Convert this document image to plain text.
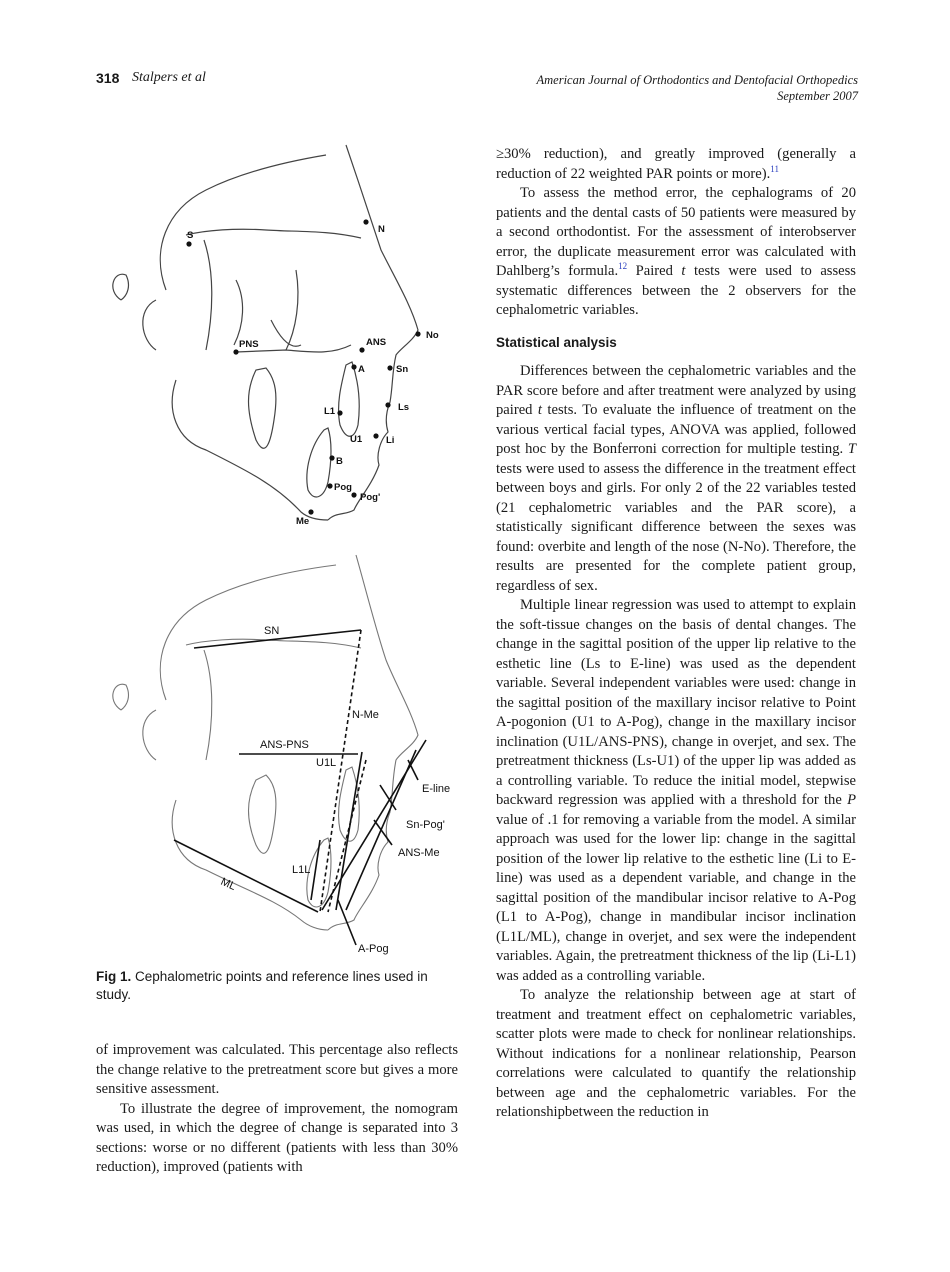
318 Stalpers et al	American Journal of Orthodontics and Dentofacial Orthopedics
September 2007
S
N
No
PNS	ANS
A	Sn
Ls
L1
U1	Li
B
Pog
Pog'
Me
SN
N-Me
ANS-PNS
U1L
E-line
Sn-Pog'
ANS-Me
L1L
ML
A-Pog
Fig 1. Cephalometric points and reference lines used in study.

of improvement was calculated. This percentage also reflects the change relative to the pretreatment score but gives a more sensitive assessment.

To illustrate the degree of improvement, the nomogram was used, in which the degree of change is separated into 3 sections: worse or no different (patients with less than 30% reduction), improved (patients with

≥30% reduction), and greatly improved (generally a reduction of 22 weighted PAR points or more).$^{11}$

To assess the method error, the cephalograms of 20 patients and the dental casts of 50 patients were measured by a second orthodontist. For the assessment of interobserver error, the duplicate measurement error was calculated with Dahlberg’s formula.$^{12}$ Paired t tests were used to assess systematic differences between the 2 observers for the cephalometric variables.

Statistical analysis

Differences between the cephalometric variables and the PAR score before and after treatment were analyzed by using paired t tests. To evaluate the influence of treatment on the various vertical facial types, ANOVA was applied, followed post hoc by the Bonferroni correction for multiple testing. T tests were used to assess the difference in the treatment effect between boys and girls. For only 2 of the 22 variables tested (21 cephalometric variables and the PAR score), a statistically significant difference between the sexes was found: overbite and length of the nose (N-No). Therefore, the results are presented for the complete patient group, regardless of sex.

Multiple linear regression was used to attempt to explain the soft-tissue changes on the basis of dental changes. The change in the sagittal position of the upper lip relative to the esthetic line (Ls to E-line) was used as the dependent variable. Several independent variables were used: change in the sagittal position of the maxillary incisor relative to Point A-pogonion (U1 to A-Pog), change in the maxillary incisor inclination (U1L/ANS-PNS), change in overjet, and sex. The pretreatment thickness (Ls-U1) of the upper lip was added as a controlling variable. To reduce the initial model, stepwise backward regression was applied with a threshold for the P value of .1 for removing a variable from the model. A similar approach was used for the lower lip: change in the sagittal position of the lower lip relative to the esthetic line (Li to E-line) was used as a dependent variable, and change in the sagittal position of the mandibular incisor relative to A-Pog (L1 to A-Pog), change in mandibular incisor inclination (L1L/ML), change in overjet, and sex were the independent variables. Again, the pretreatment thickness of the lip (Li-L1) was added as a controlling variable.

To analyze the relationship between age at start of treatment and treatment effect on cephalometric variables, scatter plots were made to check for nonlinear relationships. Without indications for a nonlinear relationship, Pearson correlations were calculated to quantify the relationship between age and the cephalometric variables. For the relationshipbetween the reduction in
